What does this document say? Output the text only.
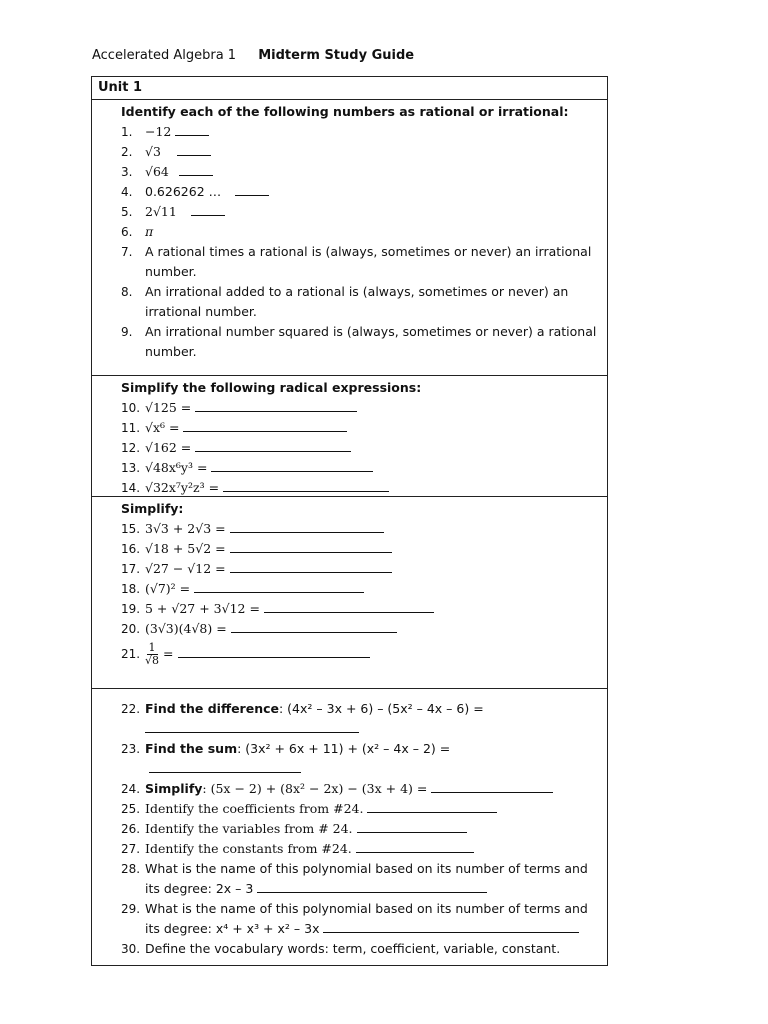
Accelerated Algebra 1 Midterm Study Guide
Unit 1
Identify each of the following numbers as rational or irrational:
1.	−12
2.	√3
3.	√64
4.	0.626262 …
5.	2√11
6.	π
7.	A rational times a rational is (always, sometimes or never) an irrational number.
8.	An irrational added to a rational is (always, sometimes or never) an irrational number.
9.	An irrational number squared is (always, sometimes or never) a rational number.
Simplify the following radical expressions:
10. √125 =
11. √x⁶ =
12. √162 =
13. √48x⁶y³ =
14. √32x⁷y²z³ =
Simplify:
15. 3√3 + 2√3 =
16. √18 + 5√2 =
17. √27 − √12 =
18. (√7)² =
19. 5 + √27 + 3√12 =
20. (3√3)(4√8) =
21. $\frac{1}{√8}$ =
22. Find the difference: (4x² – 3x + 6) – (5x² – 4x – 6) =

23. Find the sum: (3x² + 6x + 11) + (x² – 4x – 2) =
24. Simplify: (5x − 2) + (8x² − 2x) − (3x + 4) =
25. Identify the coefficients from #24.
26. Identify the variables from # 24.
27. Identify the constants from #24.
28. What is the name of this polynomial based on its number of terms and its degree: 2x – 3
29. What is the name of this polynomial based on its number of terms and its degree: x⁴ + x³ + x² – 3x
30. Define the vocabulary words: term, coefficient, variable, constant.
